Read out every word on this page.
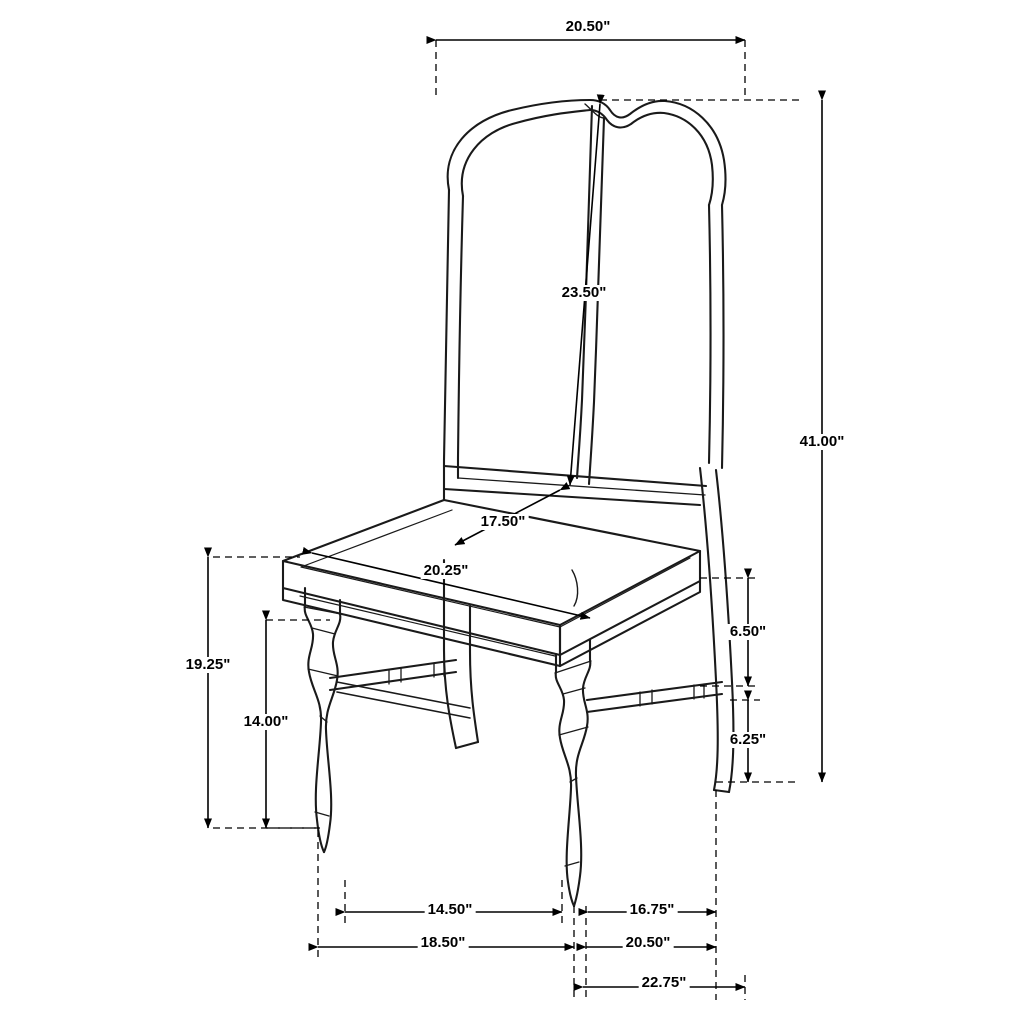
20.50"
41.00"
23.50"
17.50"
20.25"
19.25"
14.00"
6.50"
6.25"
14.50"	16.75"
18.50"	20.50"
22.75"
